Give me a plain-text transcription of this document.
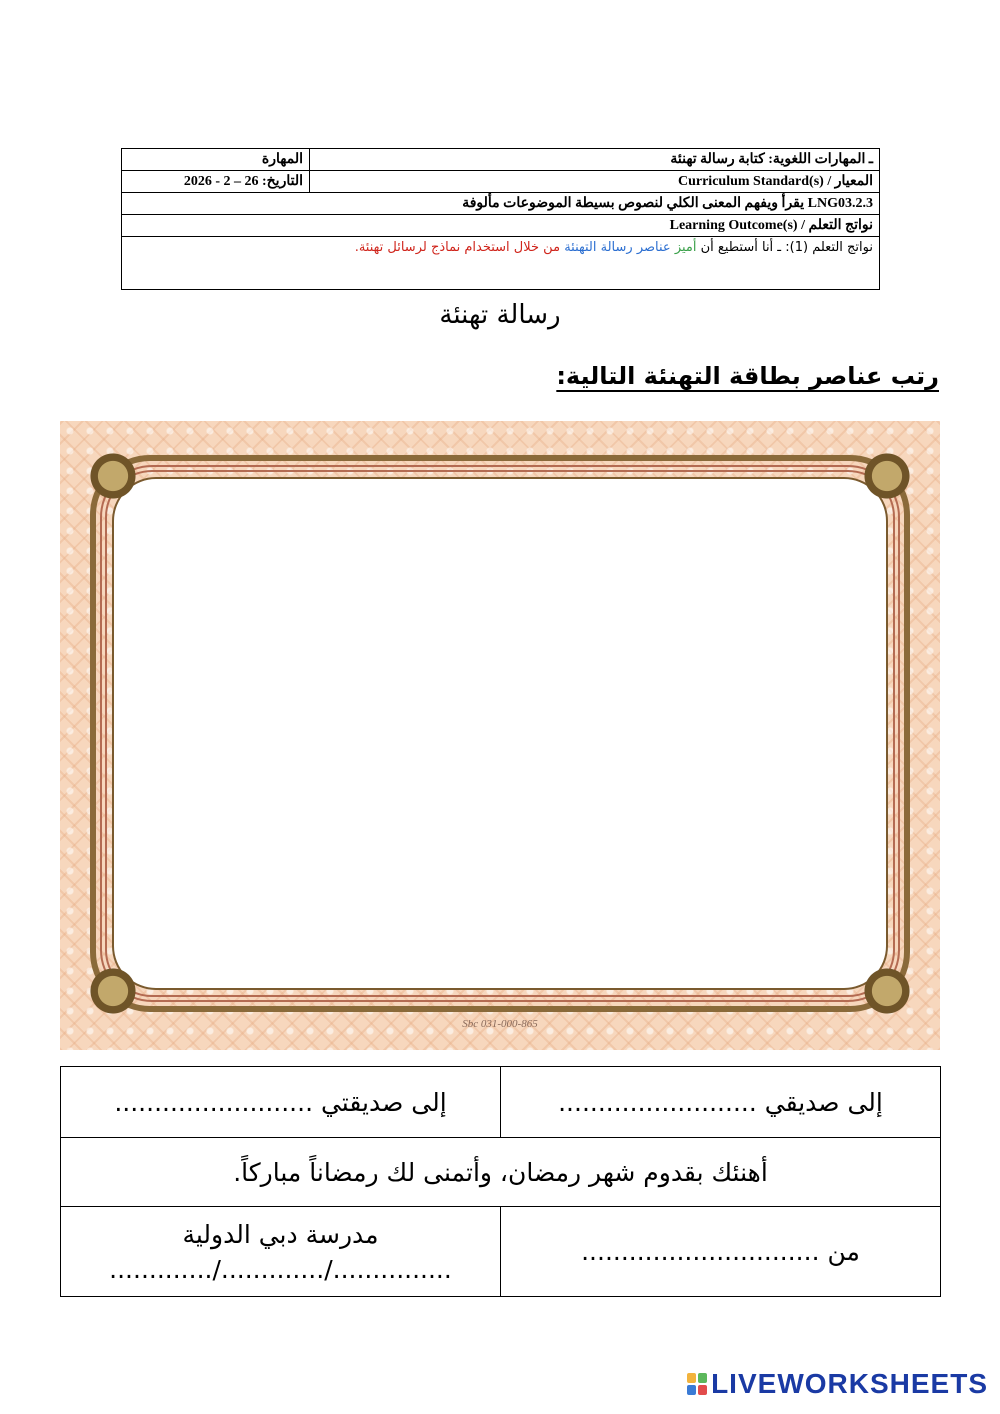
ـ المهارات اللغوية: كتابة رسالة تهنئة	المهارة
المعيار / Curriculum Standard(s)	التاريخ: 26 – 2 - 2026
LNG03.2.3 يقرأ ويفهم المعنى الكلي لنصوص بسيطة الموضوعات مألوفة	
نواتج التعلم / Learning Outcome(s)	
نواتج التعلم (1): ـ أنا أستطيع أن أميز عناصر رسالة التهنئة من خلال استخدام نماذج لرسائل تهنئة.	
رسالة تهنئة
رتب عناصر بطاقة التهنئة التالية:
Sbc 031-000-865
إلى صديقي .........................	إلى صديقتي .........................
أهنئك بقدوم شهر رمضان، وأتمنى لك رمضاناً مباركاً.	
من ..............................	مدرسة دبي الدولية
.............../............./.............
LIVEWORKSHEETS
